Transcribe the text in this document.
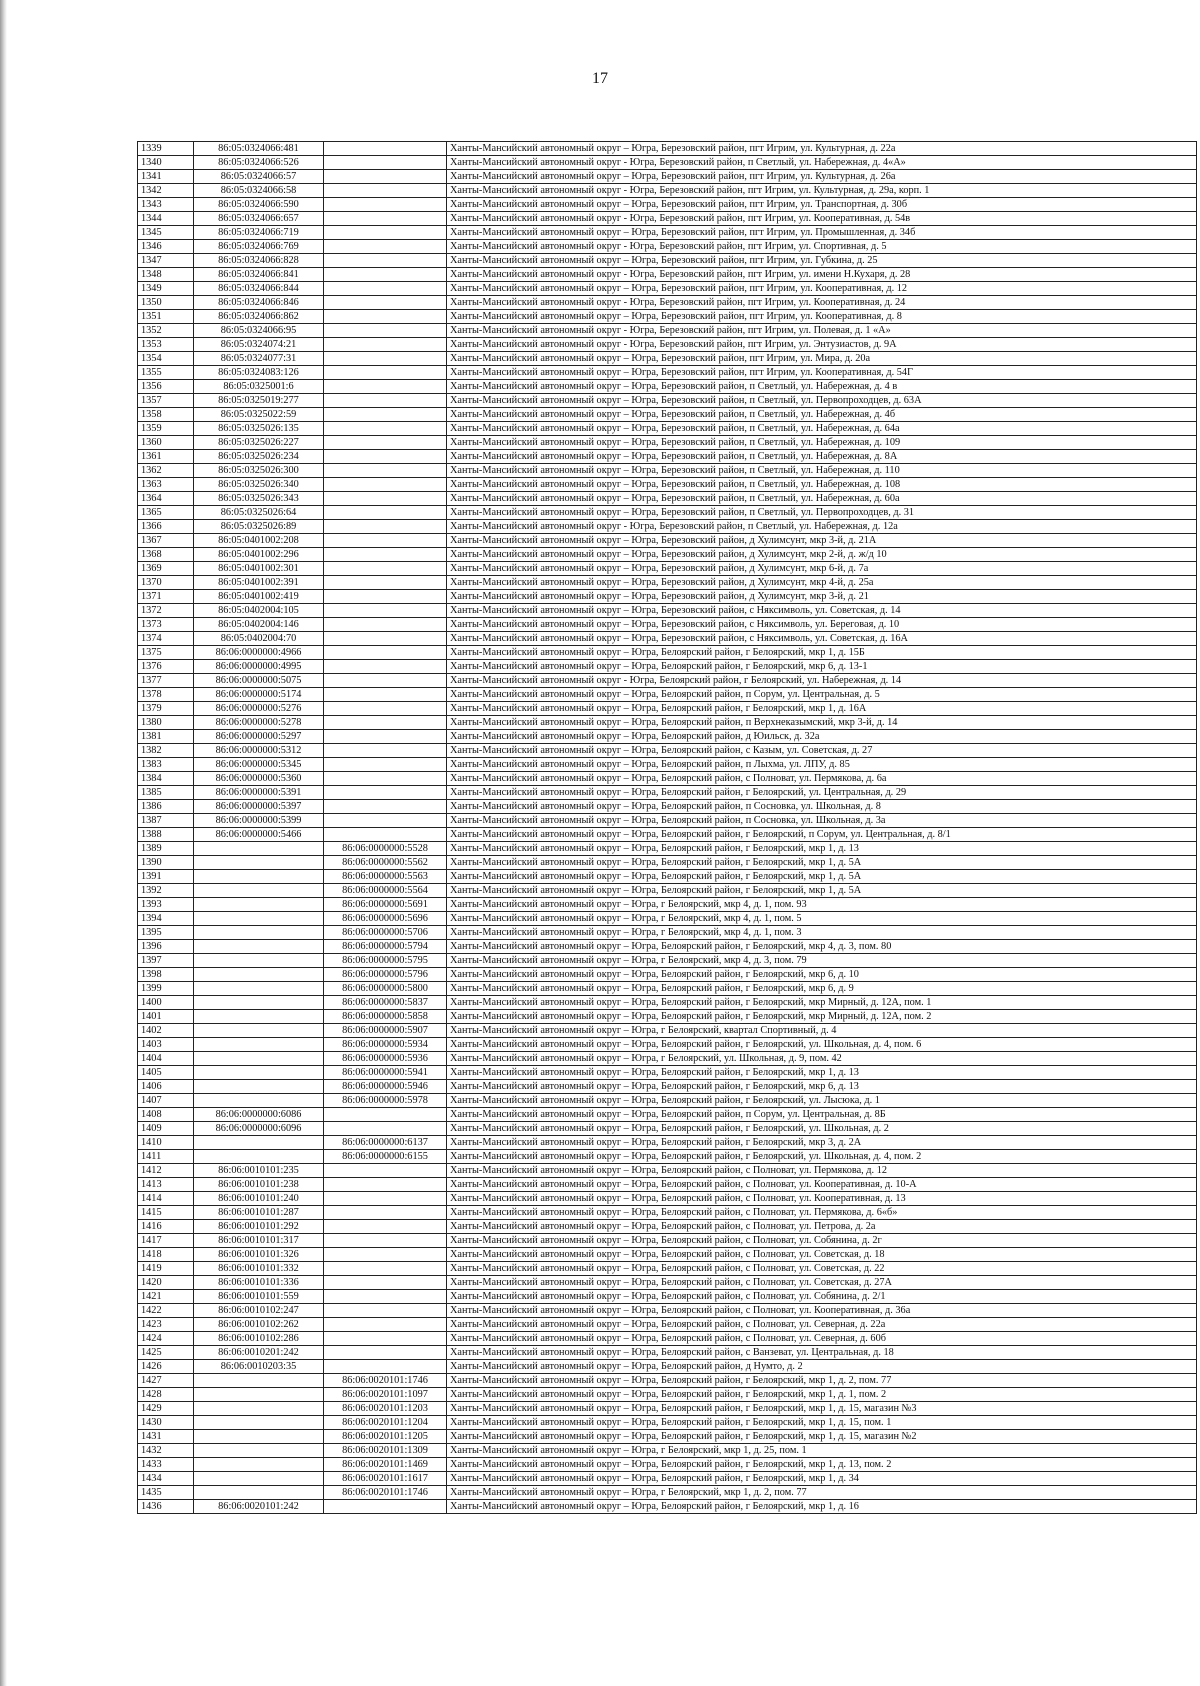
17
1339	86:05:0324066:481		Ханты-Мансийский автономный округ – Югра, Березовский район, пгт Игрим, ул. Культурная, д. 22а
1340	86:05:0324066:526		Ханты-Мансийский автономный округ - Югра, Березовский район, п Светлый, ул. Набережная, д. 4«А»
1341	86:05:0324066:57		Ханты-Мансийский автономный округ – Югра, Березовский район, пгт Игрим, ул. Культурная, д. 26а
1342	86:05:0324066:58		Ханты-Мансийский автономный округ - Югра, Березовский район, пгт Игрим, ул. Культурная, д. 29а, корп. 1
1343	86:05:0324066:590		Ханты-Мансийский автономный округ – Югра, Березовский район, пгт Игрим, ул. Транспортная, д. 30б
1344	86:05:0324066:657		Ханты-Мансийский автономный округ - Югра, Березовский район, пгт Игрим, ул. Кооперативная, д. 54в
1345	86:05:0324066:719		Ханты-Мансийский автономный округ – Югра, Березовский район, пгт Игрим, ул. Промышленная, д. 34б
1346	86:05:0324066:769		Ханты-Мансийский автономный округ - Югра, Березовский район, пгт Игрим, ул. Спортивная, д. 5
1347	86:05:0324066:828		Ханты-Мансийский автономный округ – Югра, Березовский район, пгт Игрим, ул. Губкина, д. 25
1348	86:05:0324066:841		Ханты-Мансийский автономный округ - Югра, Березовский район, пгт Игрим, ул. имени Н.Кухаря, д. 28
1349	86:05:0324066:844		Ханты-Мансийский автономный округ – Югра, Березовский район, пгт Игрим, ул. Кооперативная, д. 12
1350	86:05:0324066:846		Ханты-Мансийский автономный округ - Югра, Березовский район, пгт Игрим, ул. Кооперативная, д. 24
1351	86:05:0324066:862		Ханты-Мансийский автономный округ – Югра, Березовский район, пгт Игрим, ул. Кооперативная, д. 8
1352	86:05:0324066:95		Ханты-Мансийский автономный округ - Югра, Березовский район, пгт Игрим, ул. Полевая, д. 1 «А»
1353	86:05:0324074:21		Ханты-Мансийский автономный округ - Югра, Березовский район, пгт Игрим, ул. Энтузиастов, д. 9А
1354	86:05:0324077:31		Ханты-Мансийский автономный округ – Югра, Березовский район, пгт Игрим, ул. Мира, д. 20а
1355	86:05:0324083:126		Ханты-Мансийский автономный округ – Югра, Березовский район, пгт Игрим, ул. Кооперативная, д. 54Г
1356	86:05:0325001:6		Ханты-Мансийский автономный округ – Югра, Березовский район, п Светлый, ул. Набережная, д. 4 в
1357	86:05:0325019:277		Ханты-Мансийский автономный округ – Югра, Березовский район, п Светлый, ул. Первопроходцев, д. 63А
1358	86:05:0325022:59		Ханты-Мансийский автономный округ – Югра, Березовский район, п Светлый, ул. Набережная, д. 4б
1359	86:05:0325026:135		Ханты-Мансийский автономный округ – Югра, Березовский район, п Светлый, ул. Набережная, д. 64а
1360	86:05:0325026:227		Ханты-Мансийский автономный округ – Югра, Березовский район, п Светлый, ул. Набережная, д. 109
1361	86:05:0325026:234		Ханты-Мансийский автономный округ – Югра, Березовский район, п Светлый, ул. Набережная, д. 8А
1362	86:05:0325026:300		Ханты-Мансийский автономный округ – Югра, Березовский район, п Светлый, ул. Набережная, д. 110
1363	86:05:0325026:340		Ханты-Мансийский автономный округ – Югра, Березовский район, п Светлый, ул. Набережная, д. 108
1364	86:05:0325026:343		Ханты-Мансийский автономный округ – Югра, Березовский район, п Светлый, ул. Набережная, д. 60а
1365	86:05:0325026:64		Ханты-Мансийский автономный округ – Югра, Березовский район, п Светлый, ул. Первопроходцев, д. 31
1366	86:05:0325026:89		Ханты-Мансийский автономный округ - Югра, Березовский район, п Светлый, ул. Набережная, д. 12а
1367	86:05:0401002:208		Ханты-Мансийский автономный округ – Югра, Березовский район, д Хулимсунт, мкр 3-й, д. 21А
1368	86:05:0401002:296		Ханты-Мансийский автономный округ – Югра, Березовский район, д Хулимсунт, мкр 2-й, д. ж/д 10
1369	86:05:0401002:301		Ханты-Мансийский автономный округ – Югра, Березовский район, д Хулимсунт, мкр 6-й, д. 7а
1370	86:05:0401002:391		Ханты-Мансийский автономный округ – Югра, Березовский район, д Хулимсунт, мкр 4-й, д. 25а
1371	86:05:0401002:419		Ханты-Мансийский автономный округ – Югра, Березовский район, д Хулимсунт, мкр 3-й, д. 21
1372	86:05:0402004:105		Ханты-Мансийский автономный округ – Югра, Березовский район, с Няксимволь, ул. Советская, д. 14
1373	86:05:0402004:146		Ханты-Мансийский автономный округ – Югра, Березовский район, с Няксимволь, ул. Береговая, д. 10
1374	86:05:0402004:70		Ханты-Мансийский автономный округ – Югра, Березовский район, с Няксимволь, ул. Советская, д. 16А
1375	86:06:0000000:4966		Ханты-Мансийский автономный округ – Югра, Белоярский район, г Белоярский, мкр 1, д. 15Б
1376	86:06:0000000:4995		Ханты-Мансийский автономный округ – Югра, Белоярский район, г Белоярский, мкр 6, д. 13-1
1377	86:06:0000000:5075		Ханты-Мансийский автономный округ - Югра, Белоярский район, г Белоярский, ул. Набережная, д. 14
1378	86:06:0000000:5174		Ханты-Мансийский автономный округ – Югра, Белоярский район, п Сорум, ул. Центральная, д. 5
1379	86:06:0000000:5276		Ханты-Мансийский автономный округ – Югра, Белоярский район, г Белоярский, мкр 1, д. 16А
1380	86:06:0000000:5278		Ханты-Мансийский автономный округ – Югра, Белоярский район, п Верхнеказымский, мкр 3-й, д. 14
1381	86:06:0000000:5297		Ханты-Мансийский автономный округ – Югра, Белоярский район, д Юильск, д. 32а
1382	86:06:0000000:5312		Ханты-Мансийский автономный округ – Югра, Белоярский район, с Казым, ул. Советская, д. 27
1383	86:06:0000000:5345		Ханты-Мансийский автономный округ – Югра, Белоярский район, п Лыхма, ул. ЛПУ, д. 85
1384	86:06:0000000:5360		Ханты-Мансийский автономный округ – Югра, Белоярский район, с Полноват, ул. Пермякова, д. 6а
1385	86:06:0000000:5391		Ханты-Мансийский автономный округ – Югра, Белоярский район, г Белоярский, ул. Центральная, д. 29
1386	86:06:0000000:5397		Ханты-Мансийский автономный округ – Югра, Белоярский район, п Сосновка, ул. Школьная, д. 8
1387	86:06:0000000:5399		Ханты-Мансийский автономный округ – Югра, Белоярский район, п Сосновка, ул. Школьная, д. 3а
1388	86:06:0000000:5466		Ханты-Мансийский автономный округ – Югра, Белоярский район, г Белоярский, п Сорум, ул. Центральная, д. 8/1
1389		86:06:0000000:5528	Ханты-Мансийский автономный округ – Югра, Белоярский район, г Белоярский, мкр 1, д. 13
1390		86:06:0000000:5562	Ханты-Мансийский автономный округ – Югра, Белоярский район, г Белоярский, мкр 1, д. 5А
1391		86:06:0000000:5563	Ханты-Мансийский автономный округ – Югра, Белоярский район, г Белоярский, мкр 1, д. 5А
1392		86:06:0000000:5564	Ханты-Мансийский автономный округ – Югра, Белоярский район, г Белоярский, мкр 1, д. 5А
1393		86:06:0000000:5691	Ханты-Мансийский автономный округ – Югра, г Белоярский, мкр 4, д. 1, пом. 93
1394		86:06:0000000:5696	Ханты-Мансийский автономный округ – Югра, г Белоярский, мкр 4, д. 1, пом. 5
1395		86:06:0000000:5706	Ханты-Мансийский автономный округ – Югра, г Белоярский, мкр 4, д. 1, пом. 3
1396		86:06:0000000:5794	Ханты-Мансийский автономный округ – Югра, Белоярский район, г Белоярский, мкр 4, д. 3, пом. 80
1397		86:06:0000000:5795	Ханты-Мансийский автономный округ – Югра, г Белоярский, мкр 4, д. 3, пом. 79
1398		86:06:0000000:5796	Ханты-Мансийский автономный округ – Югра, Белоярский район, г Белоярский, мкр 6, д. 10
1399		86:06:0000000:5800	Ханты-Мансийский автономный округ – Югра, Белоярский район, г Белоярский, мкр 6, д. 9
1400		86:06:0000000:5837	Ханты-Мансийский автономный округ – Югра, Белоярский район, г Белоярский, мкр Мирный, д. 12А, пом. 1
1401		86:06:0000000:5858	Ханты-Мансийский автономный округ – Югра, Белоярский район, г Белоярский, мкр Мирный, д. 12А, пом. 2
1402		86:06:0000000:5907	Ханты-Мансийский автономный округ – Югра, г Белоярский, квартал Спортивный, д. 4
1403		86:06:0000000:5934	Ханты-Мансийский автономный округ – Югра, Белоярский район, г Белоярский, ул. Школьная, д. 4, пом. 6
1404		86:06:0000000:5936	Ханты-Мансийский автономный округ – Югра, г Белоярский, ул. Школьная, д. 9, пом. 42
1405		86:06:0000000:5941	Ханты-Мансийский автономный округ – Югра, Белоярский район, г Белоярский, мкр 1, д. 13
1406		86:06:0000000:5946	Ханты-Мансийский автономный округ – Югра, Белоярский район, г Белоярский, мкр 6, д. 13
1407		86:06:0000000:5978	Ханты-Мансийский автономный округ – Югра, Белоярский район, г Белоярский, ул. Лысюка, д. 1
1408	86:06:0000000:6086		Ханты-Мансийский автономный округ – Югра, Белоярский район, п Сорум, ул. Центральная, д. 8Б
1409	86:06:0000000:6096		Ханты-Мансийский автономный округ – Югра, Белоярский район, г Белоярский, ул. Школьная, д. 2
1410		86:06:0000000:6137	Ханты-Мансийский автономный округ – Югра, Белоярский район, г Белоярский, мкр 3, д. 2А
1411		86:06:0000000:6155	Ханты-Мансийский автономный округ – Югра, Белоярский район, г Белоярский, ул. Школьная, д. 4, пом. 2
1412	86:06:0010101:235		Ханты-Мансийский автономный округ – Югра, Белоярский район, с Полноват, ул. Пермякова, д. 12
1413	86:06:0010101:238		Ханты-Мансийский автономный округ – Югра, Белоярский район, с Полноват, ул. Кооперативная, д. 10-А
1414	86:06:0010101:240		Ханты-Мансийский автономный округ – Югра, Белоярский район, с Полноват, ул. Кооперативная, д. 13
1415	86:06:0010101:287		Ханты-Мансийский автономный округ – Югра, Белоярский район, с Полноват, ул. Пермякова, д. 6«б»
1416	86:06:0010101:292		Ханты-Мансийский автономный округ – Югра, Белоярский район, с Полноват, ул. Петрова, д. 2а
1417	86:06:0010101:317		Ханты-Мансийский автономный округ – Югра, Белоярский район, с Полноват, ул. Собянина, д. 2г
1418	86:06:0010101:326		Ханты-Мансийский автономный округ – Югра, Белоярский район, с Полноват, ул. Советская, д. 18
1419	86:06:0010101:332		Ханты-Мансийский автономный округ – Югра, Белоярский район, с Полноват, ул. Советская, д. 22
1420	86:06:0010101:336		Ханты-Мансийский автономный округ – Югра, Белоярский район, с Полноват, ул. Советская, д. 27А
1421	86:06:0010101:559		Ханты-Мансийский автономный округ – Югра, Белоярский район, с Полноват, ул. Собянина, д. 2/1
1422	86:06:0010102:247		Ханты-Мансийский автономный округ – Югра, Белоярский район, с Полноват, ул. Кооперативная, д. 36а
1423	86:06:0010102:262		Ханты-Мансийский автономный округ – Югра, Белоярский район, с Полноват, ул. Северная, д. 22а
1424	86:06:0010102:286		Ханты-Мансийский автономный округ – Югра, Белоярский район, с Полноват, ул. Северная, д. 60б
1425	86:06:0010201:242		Ханты-Мансийский автономный округ – Югра, Белоярский район, с Ванзеват, ул. Центральная, д. 18
1426	86:06:0010203:35		Ханты-Мансийский автономный округ – Югра, Белоярский район, д Нумто, д. 2
1427		86:06:0020101:1746	Ханты-Мансийский автономный округ – Югра, Белоярский район, г Белоярский, мкр 1, д. 2, пом. 77
1428		86:06:0020101:1097	Ханты-Мансийский автономный округ – Югра, Белоярский район, г Белоярский, мкр 1, д. 1, пом. 2
1429		86:06:0020101:1203	Ханты-Мансийский автономный округ – Югра, Белоярский район, г Белоярский, мкр 1, д. 15, магазин №3
1430		86:06:0020101:1204	Ханты-Мансийский автономный округ – Югра, Белоярский район, г Белоярский, мкр 1, д. 15, пом. 1
1431		86:06:0020101:1205	Ханты-Мансийский автономный округ – Югра, Белоярский район, г Белоярский, мкр 1, д. 15, магазин №2
1432		86:06:0020101:1309	Ханты-Мансийский автономный округ – Югра, г Белоярский, мкр 1, д. 25, пом. 1
1433		86:06:0020101:1469	Ханты-Мансийский автономный округ – Югра, Белоярский район, г Белоярский, мкр 1, д. 13, пом. 2
1434		86:06:0020101:1617	Ханты-Мансийский автономный округ – Югра, Белоярский район, г Белоярский, мкр 1, д. 34
1435		86:06:0020101:1746	Ханты-Мансийский автономный округ – Югра, г Белоярский, мкр 1, д. 2, пом. 77
1436	86:06:0020101:242		Ханты-Мансийский автономный округ – Югра, Белоярский район, г Белоярский, мкр 1, д. 16
